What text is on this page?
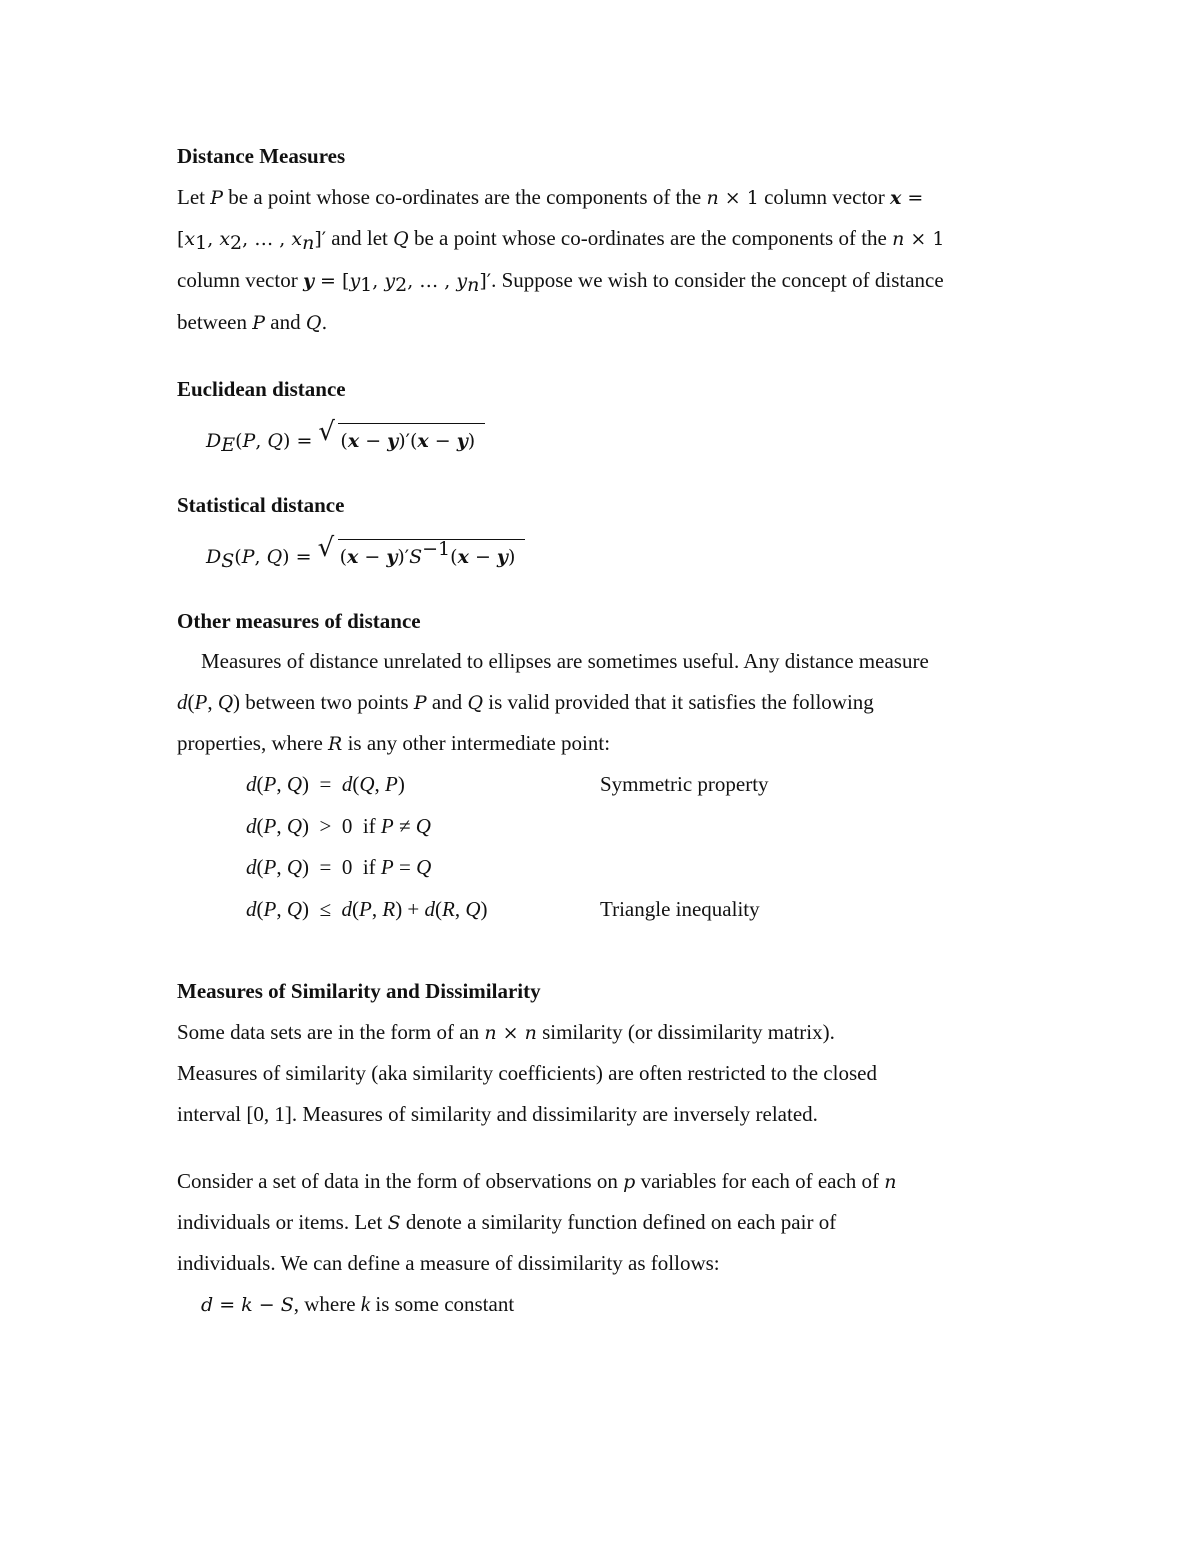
Distance Measures
Let P be a point whose co-ordinates are the components of the n × 1 column vector x =
[$x_1$, $x_2$, … , $x_n]'$ and let Q be a point whose co-ordinates are the components of the n × 1
column vector $y = [y_1$, $y_2$, … , $y_n]'$. Suppose we wish to consider the concept of distance
between P and Q.
Euclidean distance
$D_E(P$, Q) = √ (x − y)′(x − y)
Statistical distance
$D_S(P$, Q) = √ $(x - y)'S^{-1}(x - y)$
Other measures of distance
Measures of distance unrelated to ellipses are sometimes useful. Any distance measure
d(P, Q) between two points P and Q is valid provided that it satisfies the following
properties, where R is any other intermediate point:
d(P, Q)  =  d(Q, P)	Symmetric property
d(P, Q)  >  0  if P ≠ Q
d(P, Q)  =  0  if P = Q
d(P, Q)  ≤  d(P, R) + d(R, Q)	Triangle inequality
Measures of Similarity and Dissimilarity
Some data sets are in the form of an n × n similarity (or dissimilarity matrix).
Measures of similarity (aka similarity coefficients) are often restricted to the closed
interval [0, 1]. Measures of similarity and dissimilarity are inversely related.
Consider a set of data in the form of observations on p variables for each of each of n
individuals or items. Let S denote a similarity function defined on each pair of
individuals. We can define a measure of dissimilarity as follows:
d = k − S, where k is some constant
